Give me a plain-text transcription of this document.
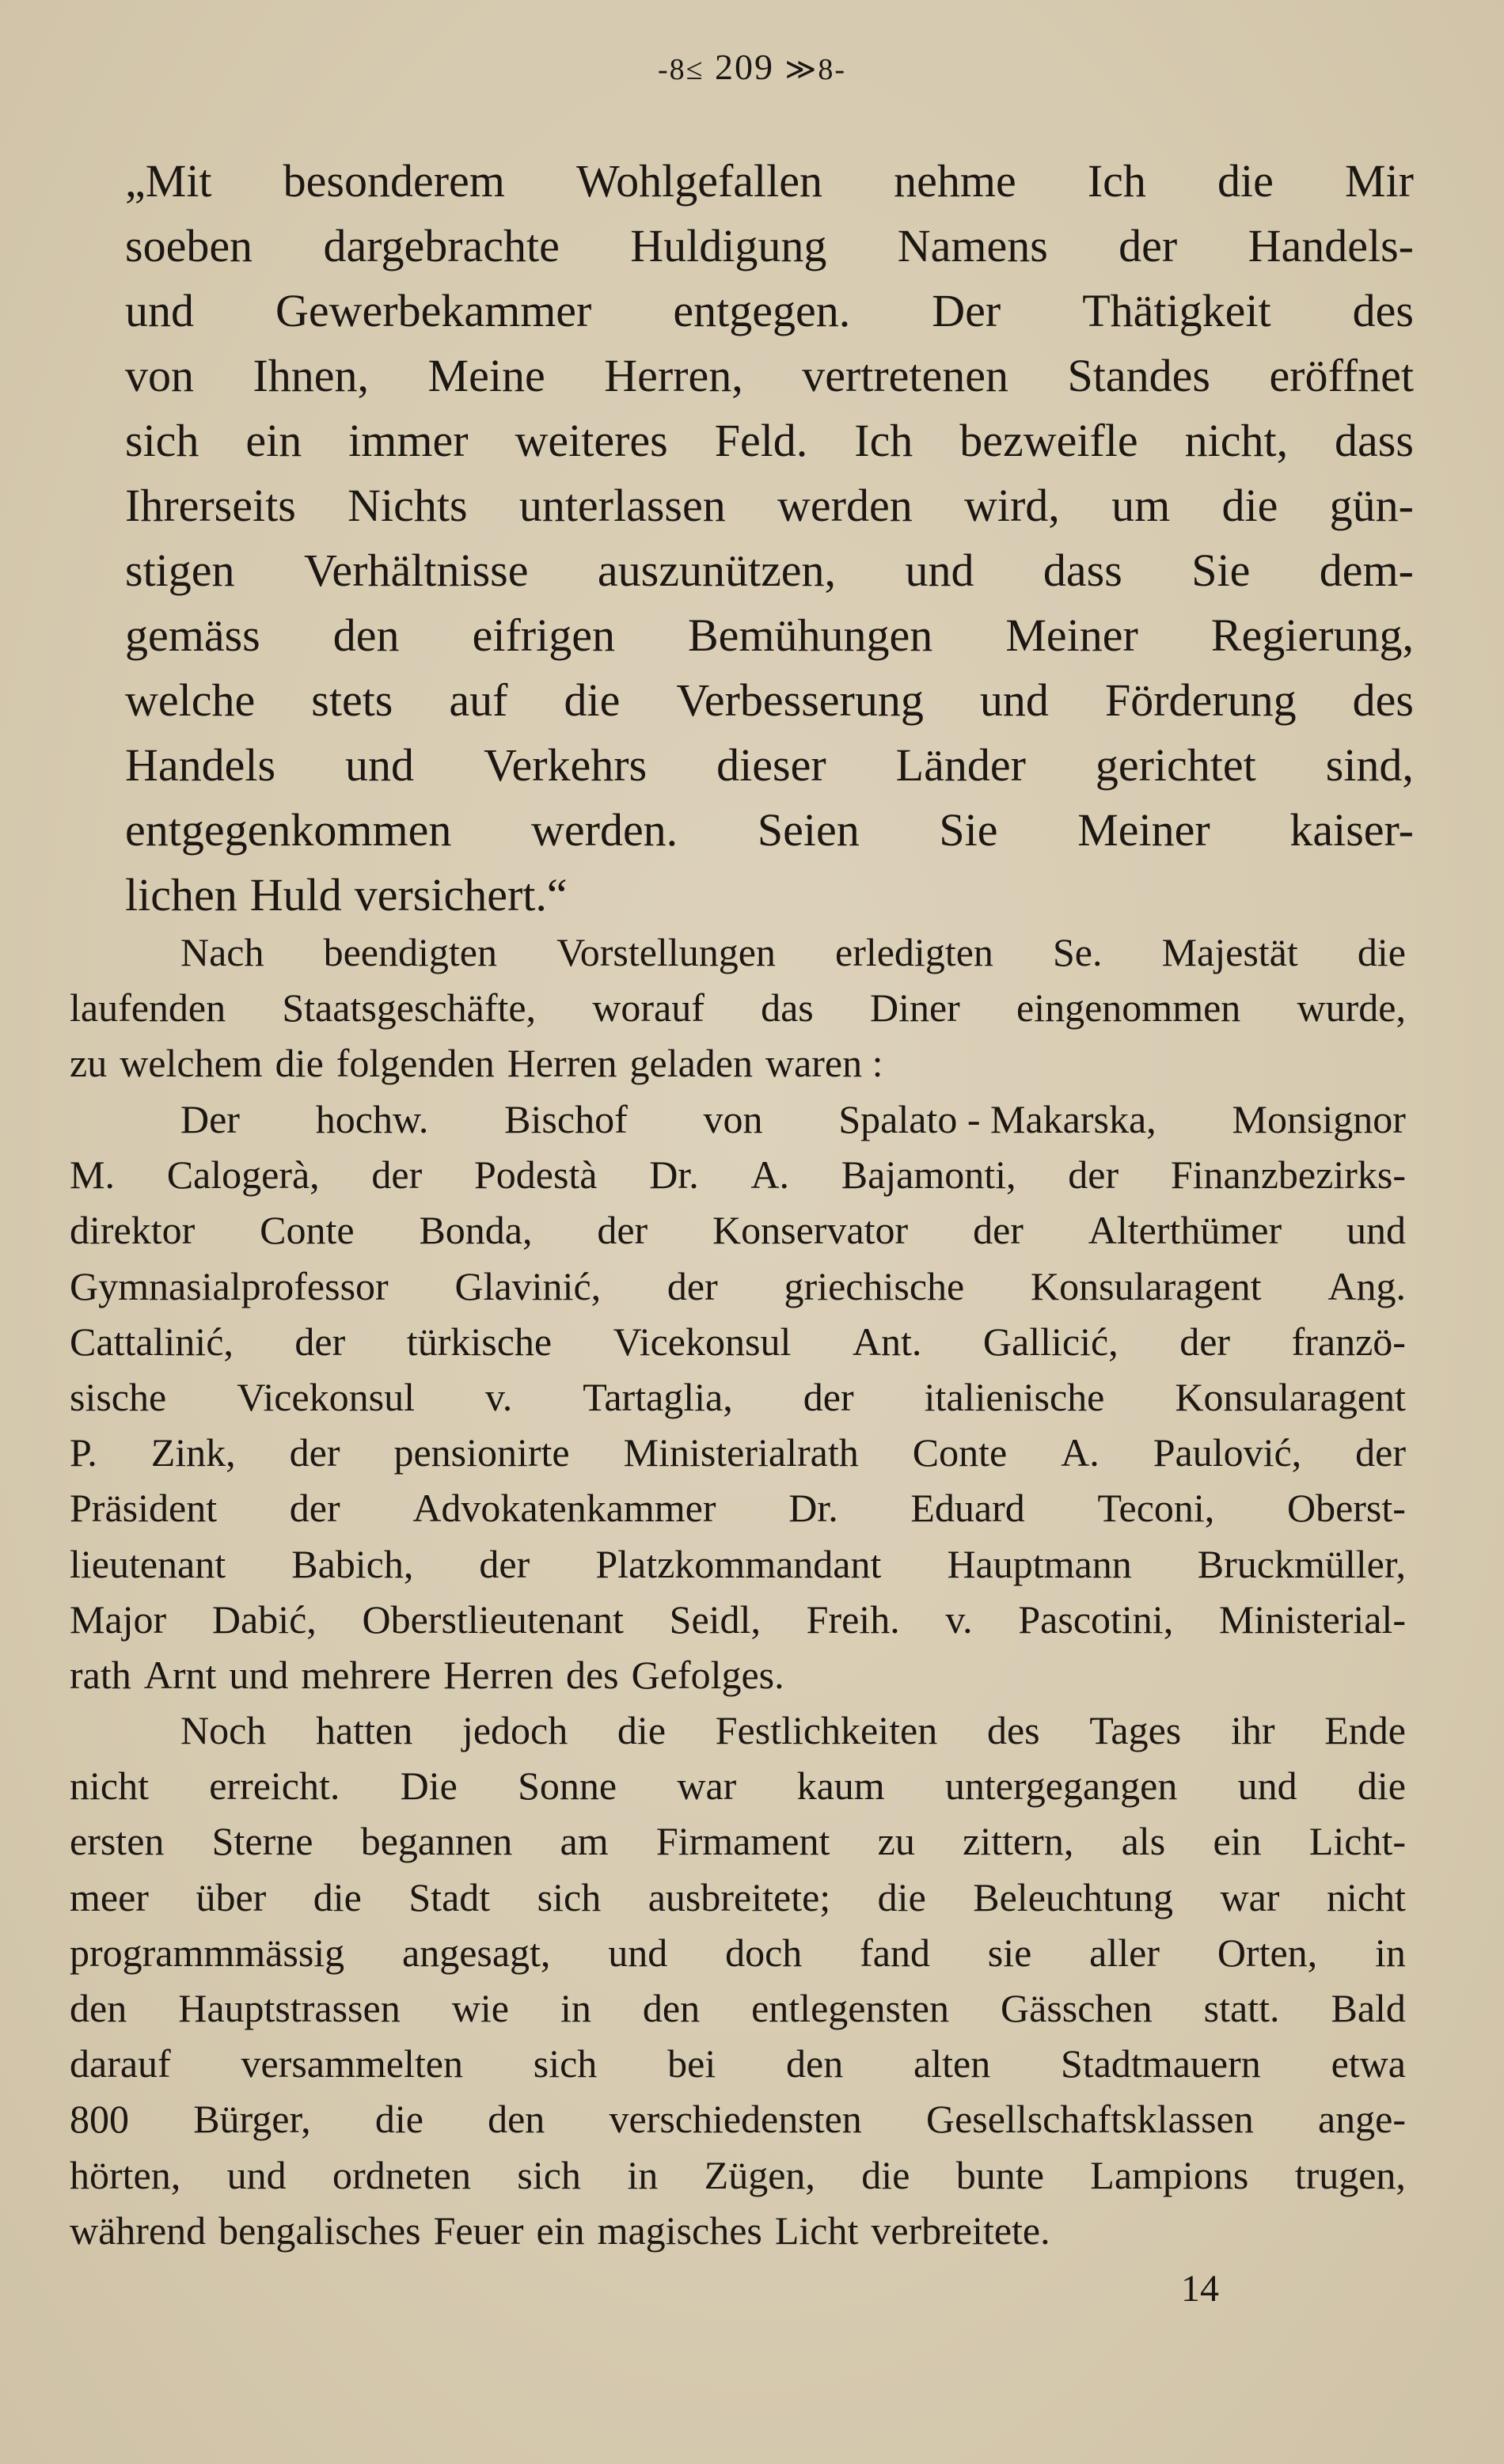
-8≤ 209 ≫8-
„Mit besonderem Wohlgefallen nehme Ich die Mir
soeben dargebrachte Huldigung Namens der Handels-
und Gewerbekammer entgegen. Der Thätigkeit des
von Ihnen, Meine Herren, vertretenen Standes eröffnet
sich ein immer weiteres Feld. Ich bezweifle nicht, dass
Ihrerseits Nichts unterlassen werden wird, um die gün-
stigen Verhältnisse auszunützen, und dass Sie dem-
gemäss den eifrigen Bemühungen Meiner Regierung,
welche stets auf die Verbesserung und Förderung des
Handels und Verkehrs dieser Länder gerichtet sind,
entgegenkommen werden. Seien Sie Meiner kaiser-
lichen Huld versichert.“
Nach beendigten Vorstellungen erledigten Se. Majestät die
laufenden Staatsgeschäfte, worauf das Diner eingenommen wurde,
zu welchem die folgenden Herren geladen waren :
Der hochw. Bischof von Spalato - Makarska, Monsignor
M. Calogerà, der Podestà Dr. A. Bajamonti, der Finanzbezirks-
direktor Conte Bonda, der Konservator der Alterthümer und
Gymnasialprofessor Glavinić, der griechische Konsularagent Ang.
Cattalinić, der türkische Vicekonsul Ant. Gallicić, der franzö-
sische Vicekonsul v. Tartaglia, der italienische Konsularagent
P. Zink, der pensionirte Ministerialrath Conte A. Paulović, der
Präsident der Advokatenkammer Dr. Eduard Teconi, Oberst-
lieutenant Babich, der Platzkommandant Hauptmann Bruckmüller,
Major Dabić, Oberstlieutenant Seidl, Freih. v. Pascotini, Ministerial-
rath Arnt und mehrere Herren des Gefolges.
Noch hatten jedoch die Festlichkeiten des Tages ihr Ende
nicht erreicht. Die Sonne war kaum untergegangen und die
ersten Sterne begannen am Firmament zu zittern, als ein Licht-
meer über die Stadt sich ausbreitete; die Beleuchtung war nicht
programmmässig angesagt, und doch fand sie aller Orten, in
den Hauptstrassen wie in den entlegensten Gässchen statt. Bald
darauf versammelten sich bei den alten Stadtmauern etwa
800 Bürger, die den verschiedensten Gesellschaftsklassen ange-
hörten, und ordneten sich in Zügen, die bunte Lampions trugen,
während bengalisches Feuer ein magisches Licht verbreitete.
14
